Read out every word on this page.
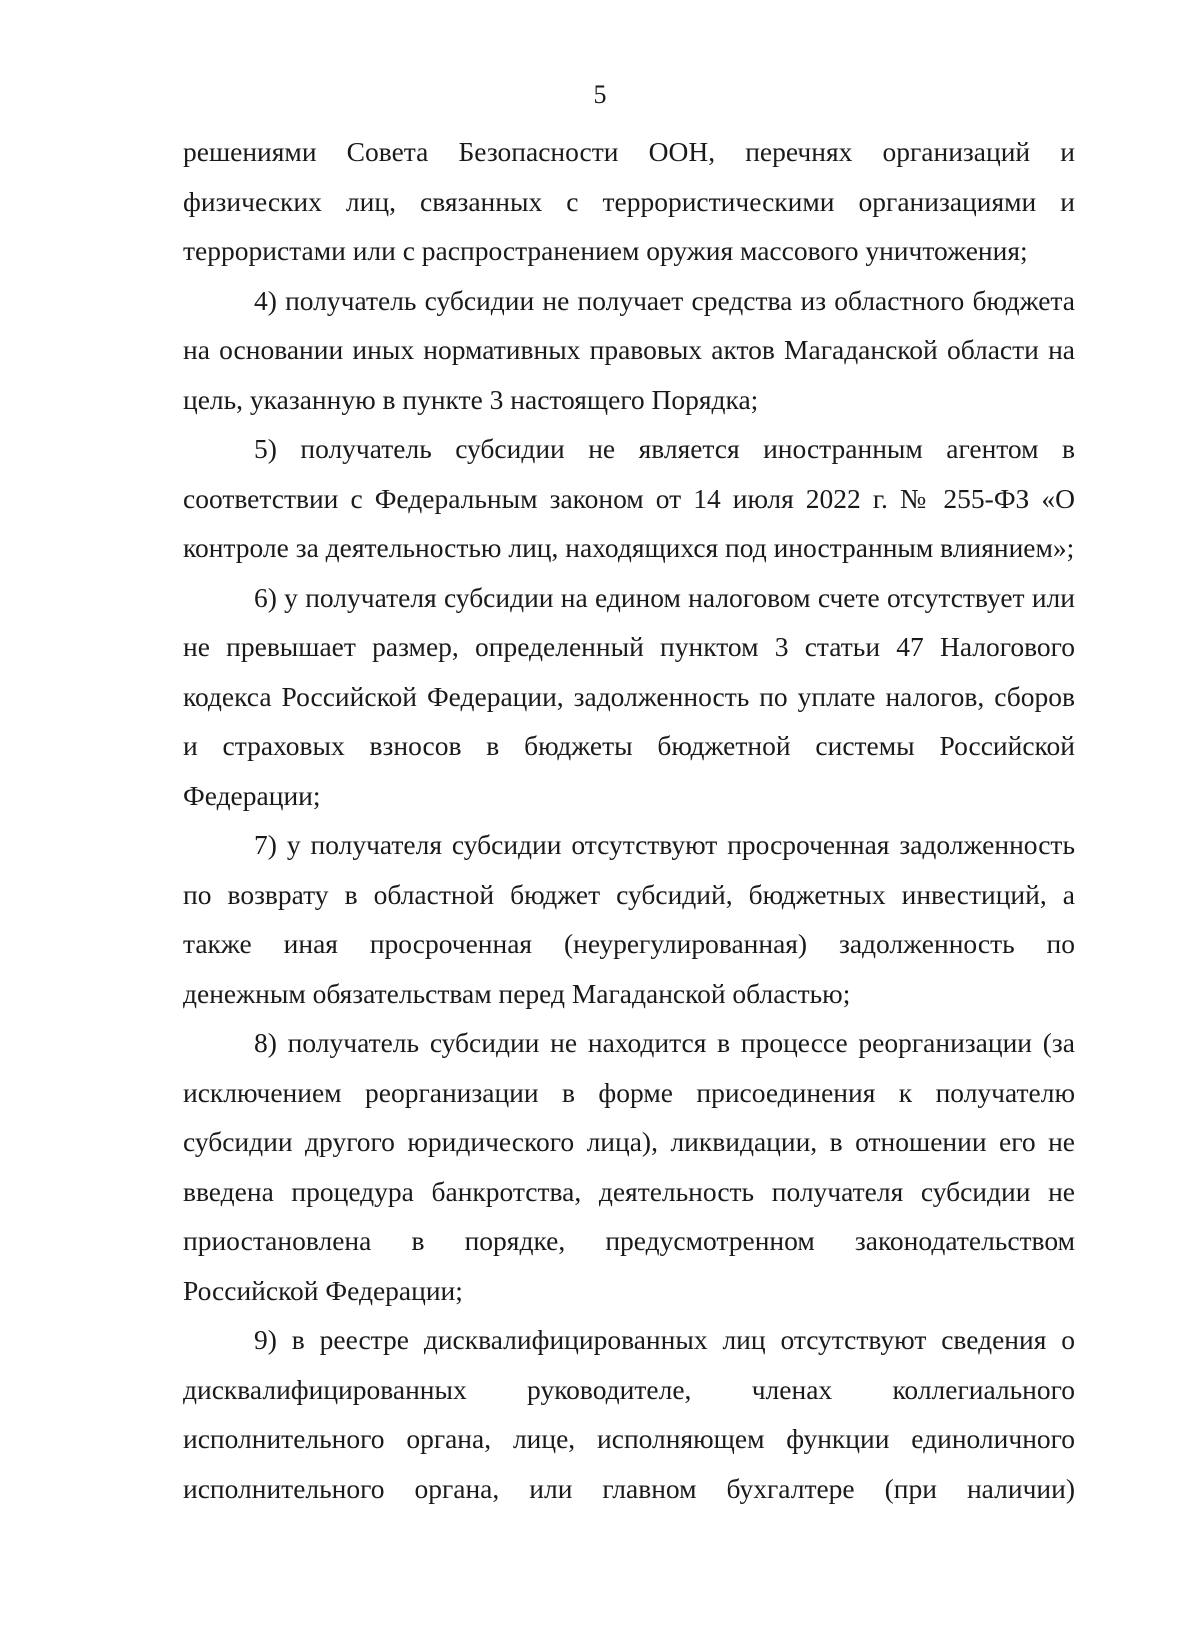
5

решениями Совета Безопасности ООН, перечнях организаций и физических лиц, связанных с террористическими организациями и террористами или с распространением оружия массового уничтожения;

4) получатель субсидии не получает средства из областного бюджета на основании иных нормативных правовых актов Магаданской области на цель, указанную в пункте 3 настоящего Порядка;

5) получатель субсидии не является иностранным агентом в соответствии с Федеральным законом от 14 июля 2022 г. № 255-ФЗ «О контроле за деятельностью лиц, находящихся под иностранным влиянием»;

6) у получателя субсидии на едином налоговом счете отсутствует или не превышает размер, определенный пунктом 3 статьи 47 Налогового кодекса Российской Федерации, задолженность по уплате налогов, сборов и страховых взносов в бюджеты бюджетной системы Российской Федерации;

7) у получателя субсидии отсутствуют просроченная задолженность по возврату в областной бюджет субсидий, бюджетных инвестиций, а также иная просроченная (неурегулированная) задолженность по денежным обязательствам перед Магаданской областью;

8) получатель субсидии не находится в процессе реорганизации (за исключением реорганизации в форме присоединения к получателю субсидии другого юридического лица), ликвидации, в отношении его не введена процедура банкротства, деятельность получателя субсидии не приостановлена в порядке, предусмотренном законодательством Российской Федерации;

9) в реестре дисквалифицированных лиц отсутствуют сведения о дисквалифицированных руководителе, членах коллегиального исполнительного органа, лице, исполняющем функции единоличного исполнительного органа, или главном бухгалтере (при наличии)
